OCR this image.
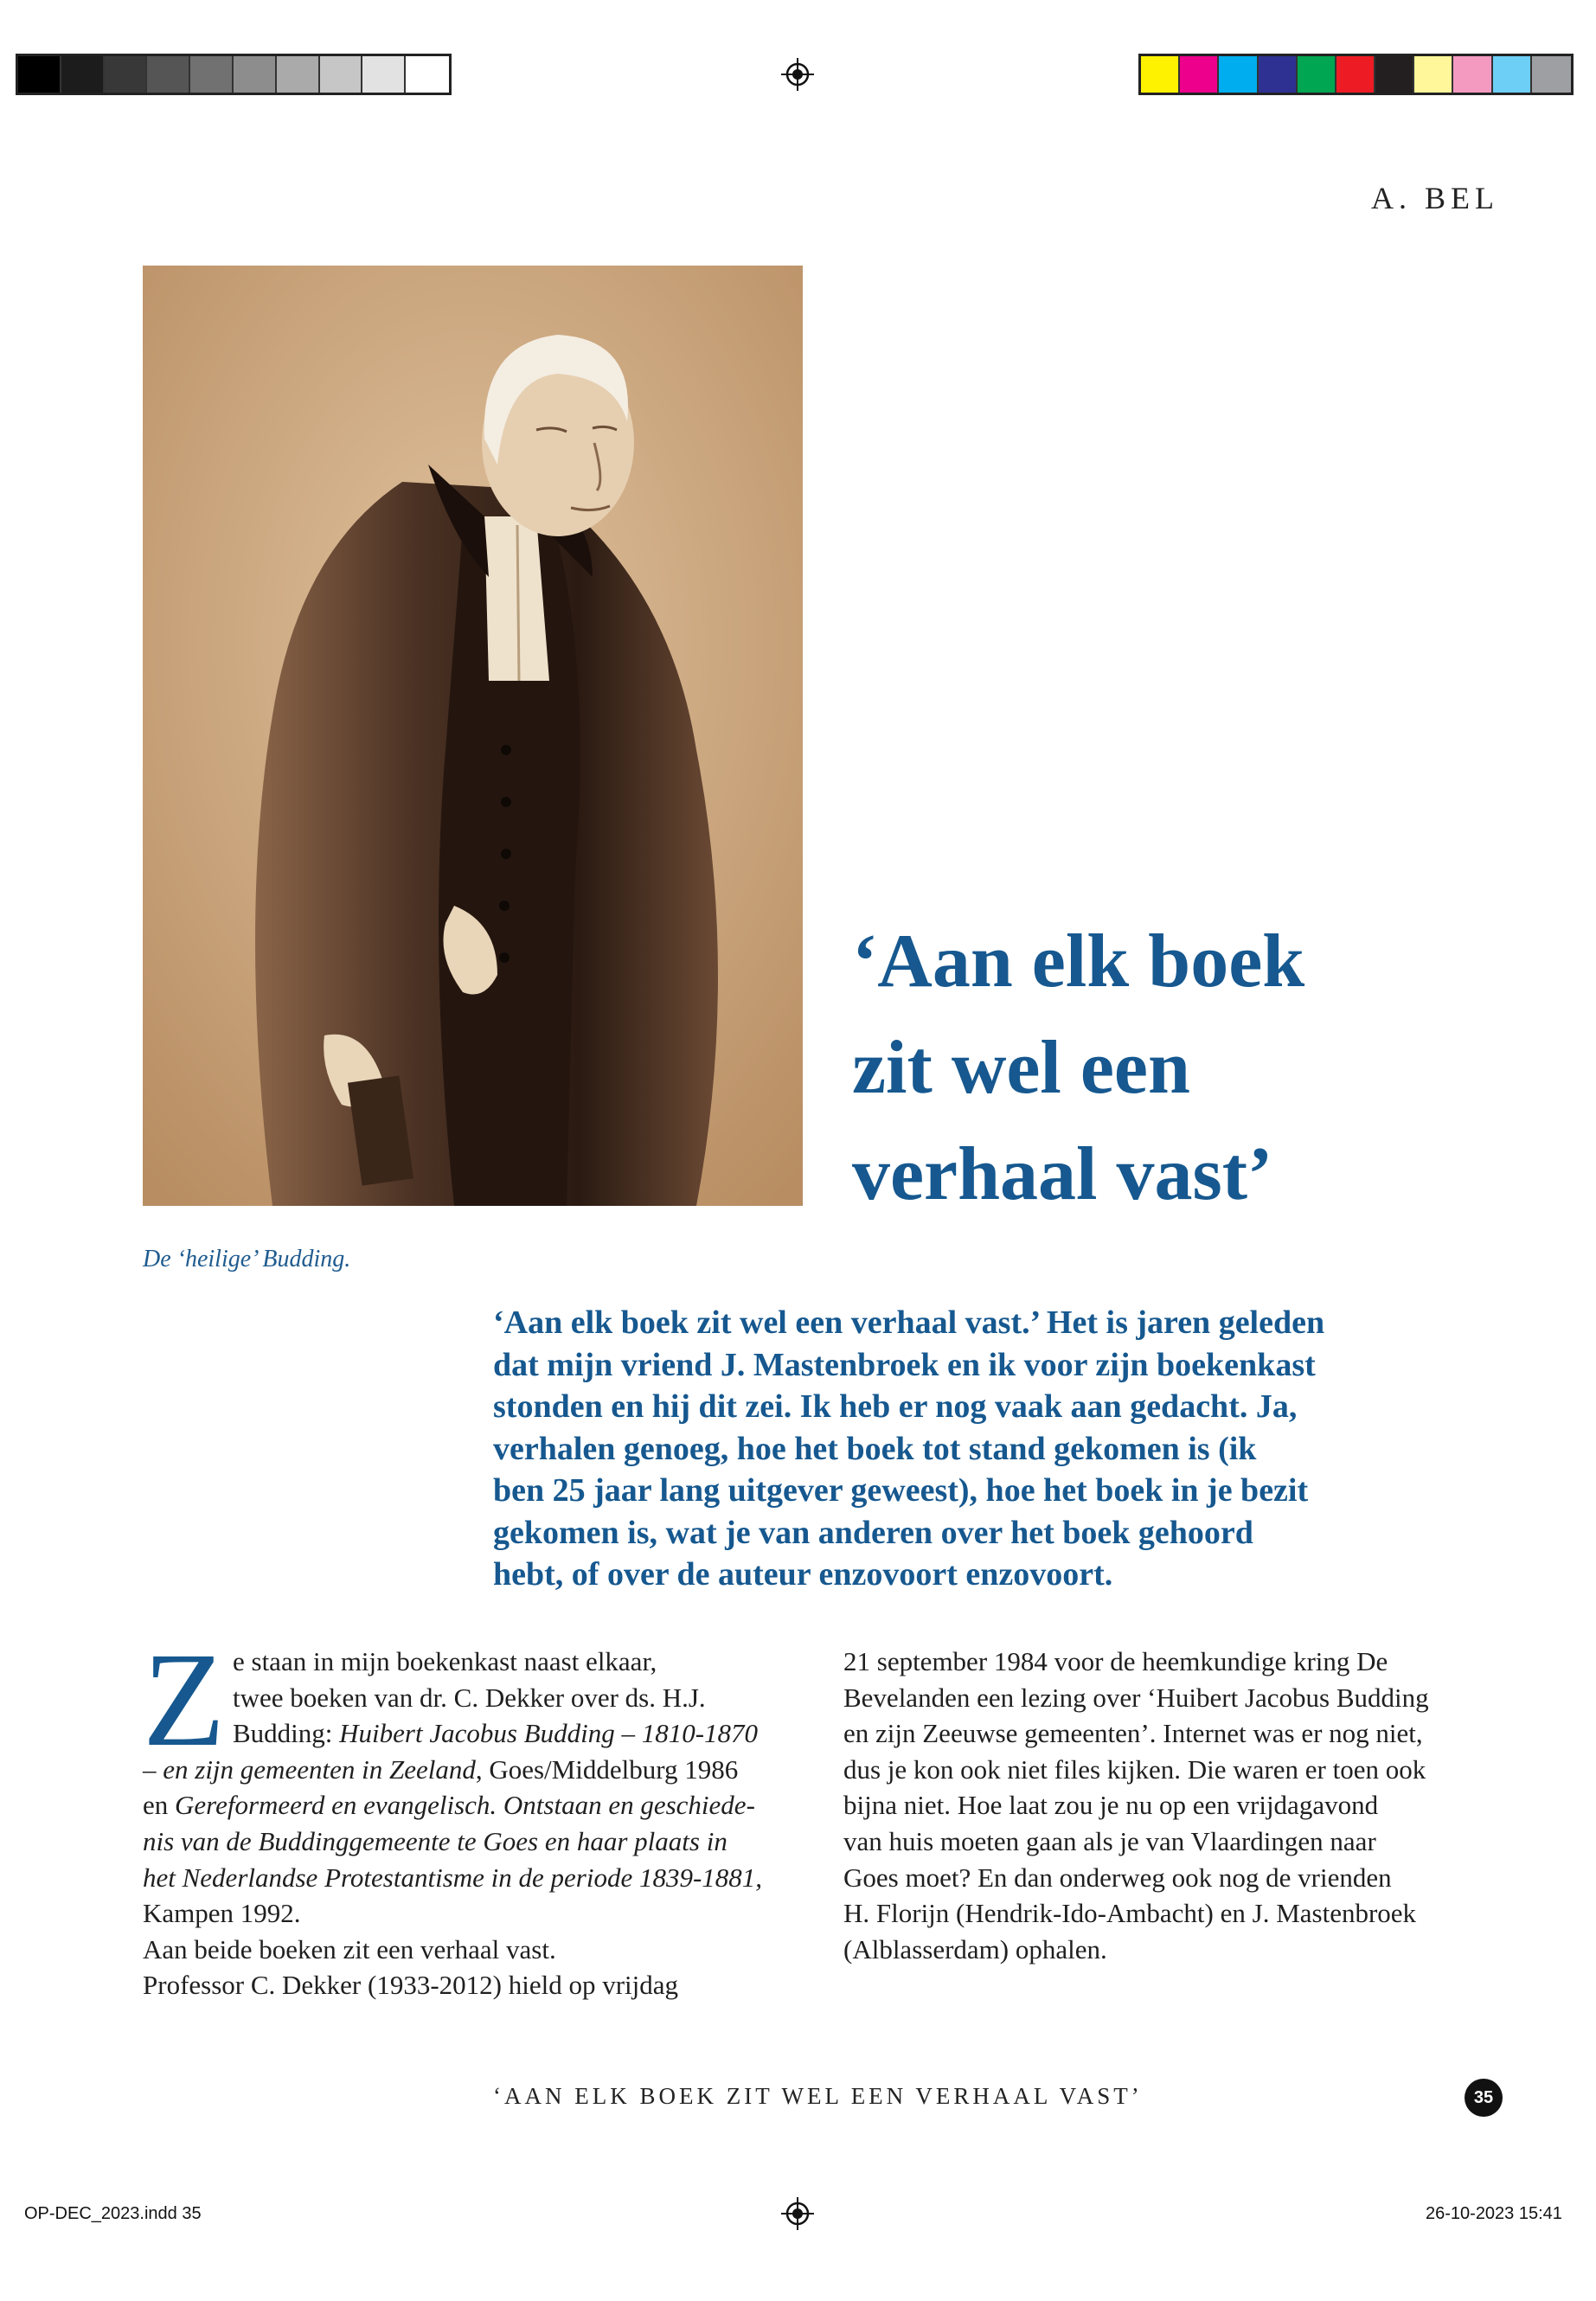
A. BEL
De ‘heilige’ Budding.
‘Aan elk boek
zit wel een
verhaal vast’
‘Aan elk boek zit wel een verhaal vast.’ Het is jaren geleden
dat mijn vriend J. Mastenbroek en ik voor zijn boekenkast
stonden en hij dit zei. Ik heb er nog vaak aan gedacht. Ja,
verhalen genoeg, hoe het boek tot stand gekomen is (ik
ben 25 jaar lang uitgever geweest), hoe het boek in je bezit
gekomen is, wat je van anderen over het boek gehoord
hebt, of over de auteur enzovoort enzovoort.
Z e staan in mijn boekenkast naast elkaar,
twee boeken van dr. C. Dekker over ds. H.J.
Budding: Huibert Jacobus Budding – 1810-1870
– en zijn gemeenten in Zeeland, Goes/Middelburg 1986
en Gereformeerd en evangelisch. Ontstaan en geschiede-
nis van de Buddinggemeente te Goes en haar plaats in
het Nederlandse Protestantisme in de periode 1839-1881,
Kampen 1992.
Aan beide boeken zit een verhaal vast.
Professor C. Dekker (1933-2012) hield op vrijdag
21 september 1984 voor de heemkundige kring De
Bevelanden een lezing over ‘Huibert Jacobus Budding
en zijn Zeeuwse gemeenten’. Internet was er nog niet,
dus je kon ook niet files kijken. Die waren er toen ook
bijna niet. Hoe laat zou je nu op een vrijdagavond
van huis moeten gaan als je van Vlaardingen naar
Goes moet? En dan onderweg ook nog de vrienden
H. Florijn (Hendrik-Ido-Ambacht) en J. Mastenbroek
(Alblasserdam) ophalen.
‘AAN ELK BOEK ZIT WEL EEN VERHAAL VAST’	35
OP-DEC_2023.indd 35	26-10-2023 15:41
